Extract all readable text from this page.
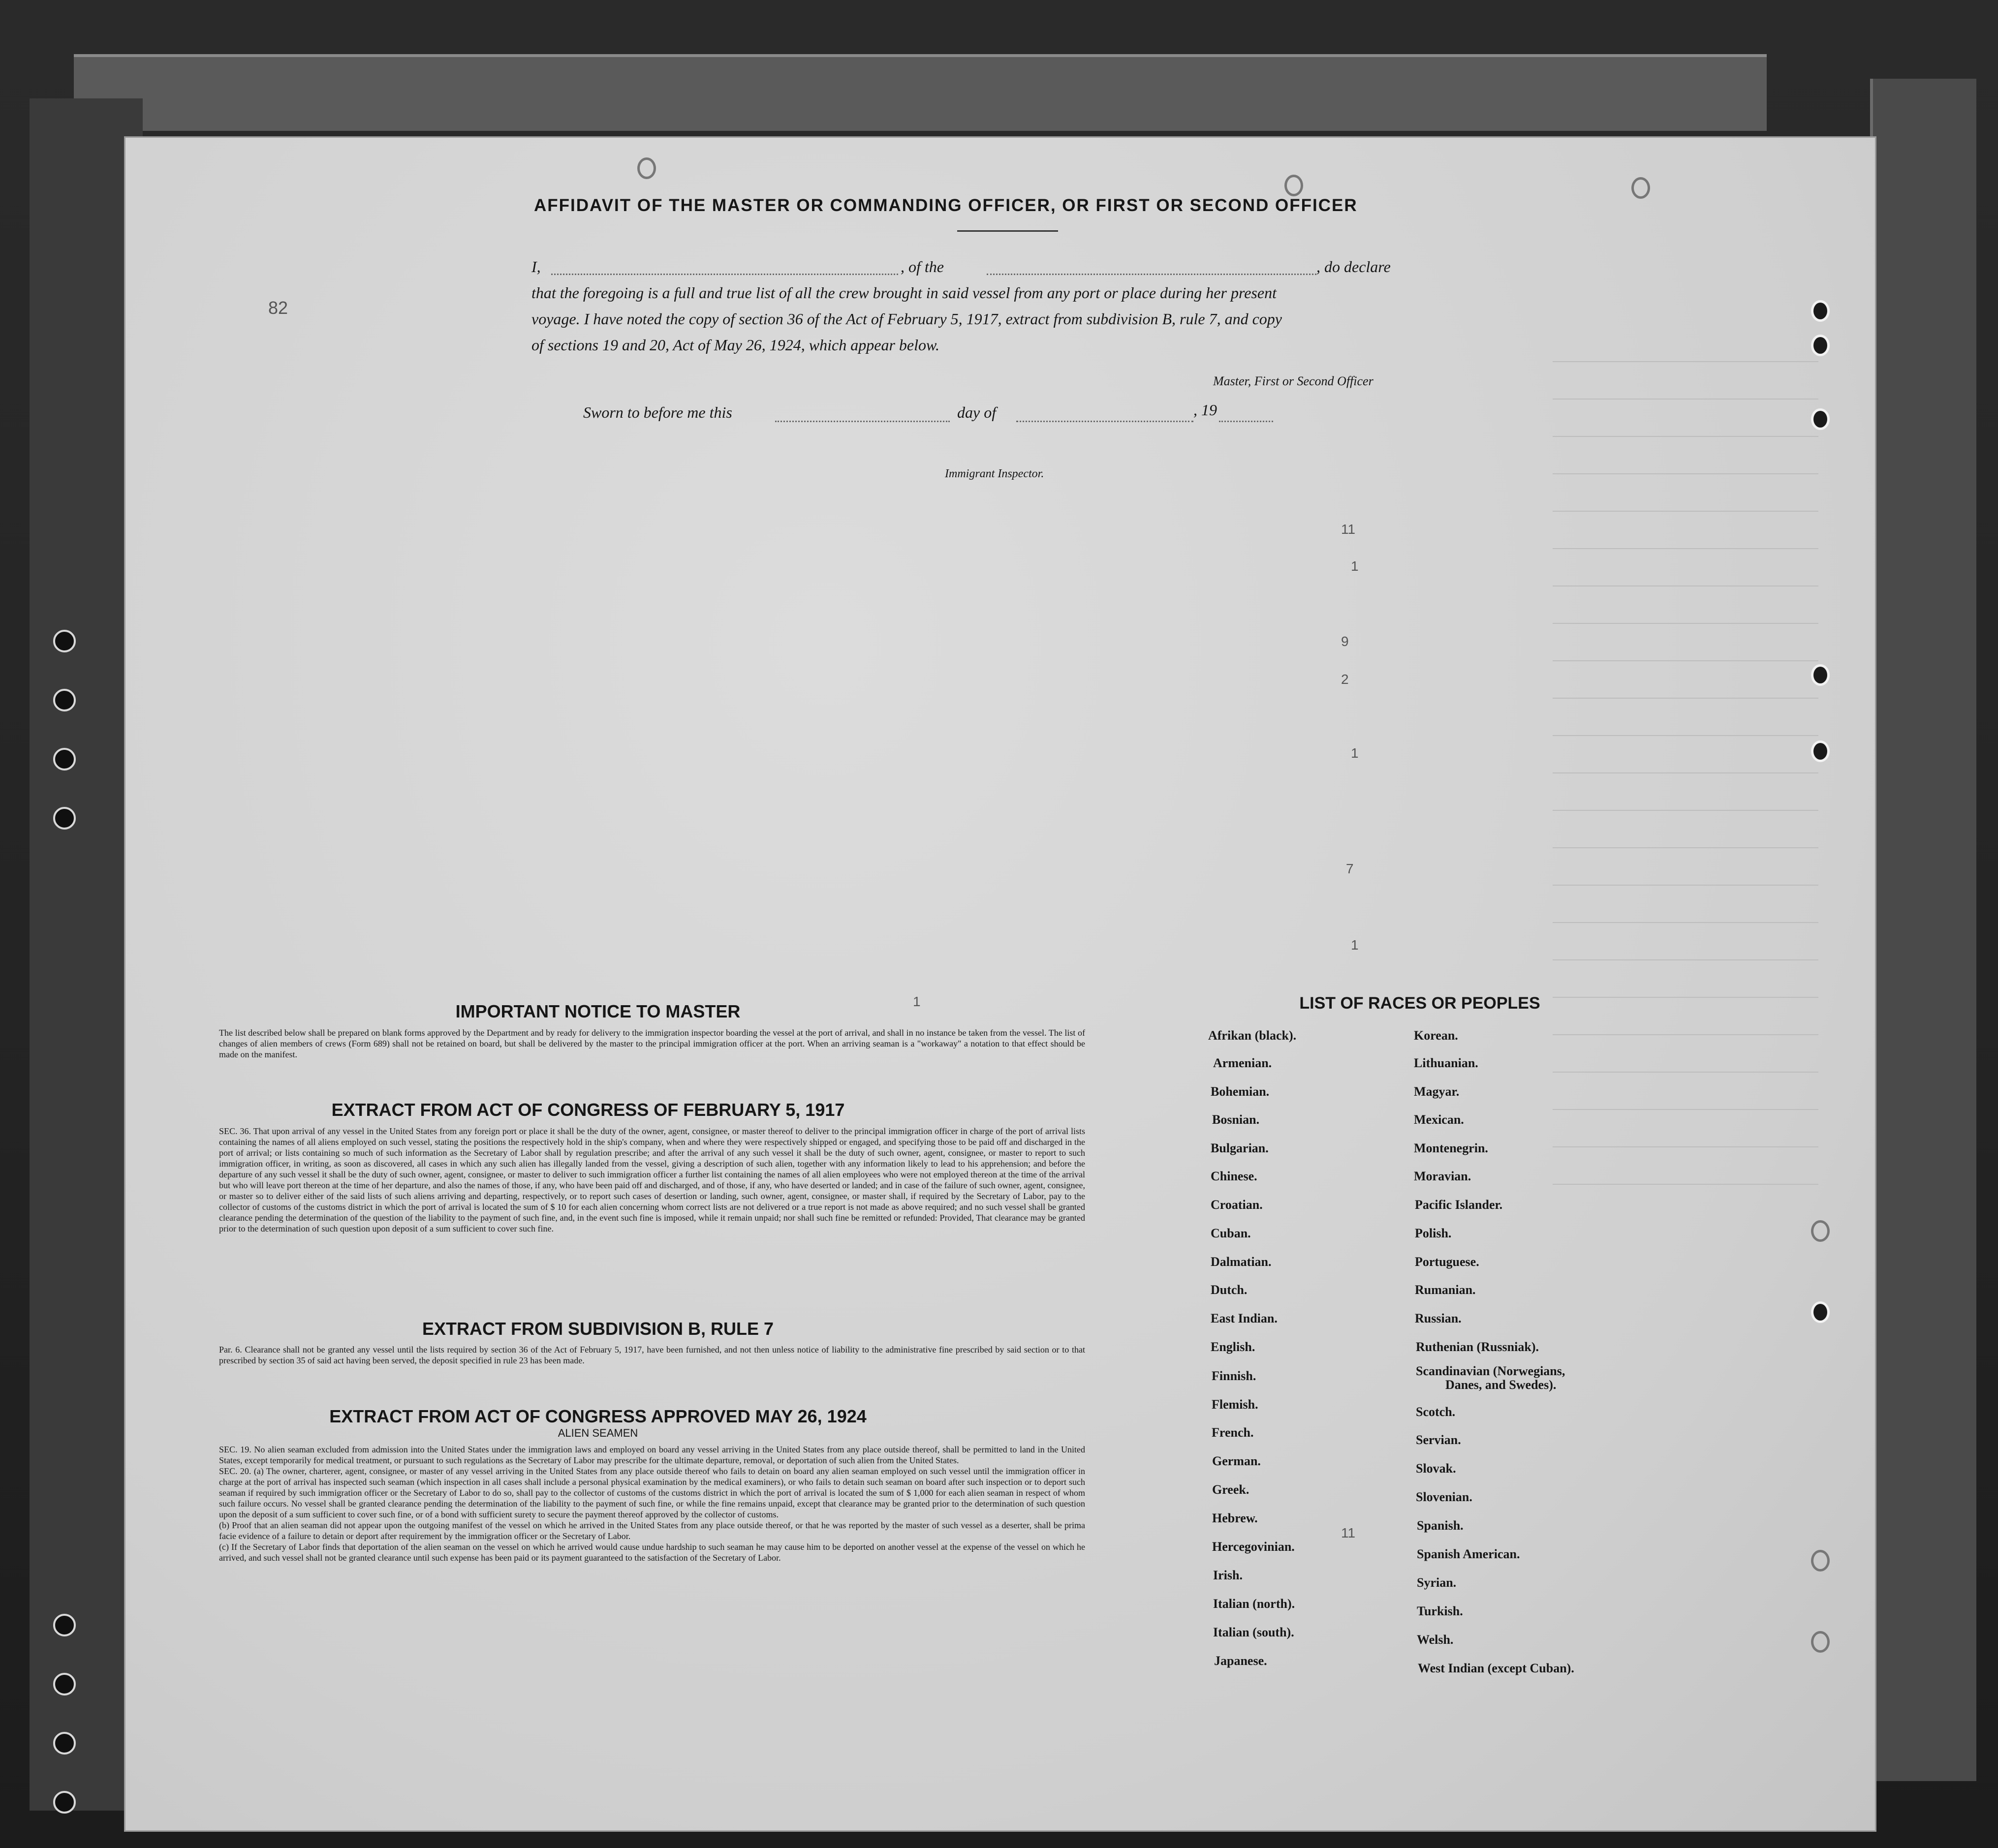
AFFIDAVIT OF THE MASTER OR COMMANDING OFFICER, OR FIRST OR SECOND OFFICER
I,	, of the	, do declare
that the foregoing is a full and true list of all the crew brought in said vessel from any port or place during her present
voyage. I have noted the copy of section 36 of the Act of February 5, 1917, extract from subdivision B, rule 7, and copy
of sections 19 and 20, Act of May 26, 1924, which appear below.
Master, First or Second Officer
Sworn to before me this	day of	, 19
Immigrant Inspector.
11
1
9
2
1
7
1
1
11
82
IMPORTANT NOTICE TO MASTER
The list described below shall be prepared on blank forms approved by the Department and by ready for delivery to the immigration inspector boarding the vessel at the port of arrival, and shall in no instance be taken from the vessel. The list of changes of alien members of crews (Form 689) shall not be retained on board, but shall be delivered by the master to the principal immigration officer at the port. When an arriving seaman is a "workaway" a notation to that effect should be made on the manifest.
EXTRACT FROM ACT OF CONGRESS OF FEBRUARY 5, 1917
SEC. 36. That upon arrival of any vessel in the United States from any foreign port or place it shall be the duty of the owner, agent, consignee, or master thereof to deliver to the principal immigration officer in charge of the port of arrival lists containing the names of all aliens employed on such vessel, stating the positions the respectively hold in the ship's company, when and where they were respectively shipped or engaged, and specifying those to be paid off and discharged in the port of arrival; or lists containing so much of such information as the Secretary of Labor shall by regulation prescribe; and after the arrival of any such vessel it shall be the duty of such owner, agent, consignee, or master to report to such immigration officer, in writing, as soon as discovered, all cases in which any such alien has illegally landed from the vessel, giving a description of such alien, together with any information likely to lead to his apprehension; and before the departure of any such vessel it shall be the duty of such owner, agent, consignee, or master to deliver to such immigration officer a further list containing the names of all alien employees who were not employed thereon at the time of the arrival but who will leave port thereon at the time of her departure, and also the names of those, if any, who have been paid off and discharged, and of those, if any, who have deserted or landed; and in case of the failure of such owner, agent, consignee, or master so to deliver either of the said lists of such aliens arriving and departing, respectively, or to report such cases of desertion or landing, such owner, agent, consignee, or master shall, if required by the Secretary of Labor, pay to the collector of customs of the customs district in which the port of arrival is located the sum of $ 10 for each alien concerning whom correct lists are not delivered or a true report is not made as above required; and no such vessel shall be granted clearance pending the determination of the question of the liability to the payment of such fine, and, in the event such fine is imposed, while it remain unpaid; nor shall such fine be remitted or refunded: Provided, That clearance may be granted prior to the determination of such question upon deposit of a sum sufficient to cover such fine.
EXTRACT FROM SUBDIVISION B, RULE 7
Par. 6. Clearance shall not be granted any vessel until the lists required by section 36 of the Act of February 5, 1917, have been furnished, and not then unless notice of liability to the administrative fine prescribed by said section or to that prescribed by section 35 of said act having been served, the deposit specified in rule 23 has been made.
EXTRACT FROM ACT OF CONGRESS APPROVED MAY 26, 1924
ALIEN SEAMEN
SEC. 19. No alien seaman excluded from admission into the United States under the immigration laws and employed on board any vessel arriving in the United States from any place outside thereof, shall be permitted to land in the United States, except temporarily for medical treatment, or pursuant to such regulations as the Secretary of Labor may prescribe for the ultimate departure, removal, or deportation of such alien from the United States.
SEC. 20. (a) The owner, charterer, agent, consignee, or master of any vessel arriving in the United States from any place outside thereof who fails to detain on board any alien seaman employed on such vessel until the immigration officer in charge at the port of arrival has inspected such seaman (which inspection in all cases shall include a personal physical examination by the medical examiners), or who fails to detain such seaman on board after such inspection or to deport such seaman if required by such immigration officer or the Secretary of Labor to do so, shall pay to the collector of customs of the customs district in which the port of arrival is located the sum of $ 1,000 for each alien seaman in respect of whom such failure occurs. No vessel shall be granted clearance pending the determination of the liability to the payment of such fine, or while the fine remains unpaid, except that clearance may be granted prior to the determination of such question upon the deposit of a sum sufficient to cover such fine, or of a bond with sufficient surety to secure the payment thereof approved by the collector of customs.
(b) Proof that an alien seaman did not appear upon the outgoing manifest of the vessel on which he arrived in the United States from any place outside thereof, or that he was reported by the master of such vessel as a deserter, shall be prima facie evidence of a failure to detain or deport after requirement by the immigration officer or the Secretary of Labor.
(c) If the Secretary of Labor finds that deportation of the alien seaman on the vessel on which he arrived would cause undue hardship to such seaman he may cause him to be deported on another vessel at the expense of the vessel on which he arrived, and such vessel shall not be granted clearance until such expense has been paid or its payment guaranteed to the satisfaction of the Secretary of Labor.
LIST OF RACES OR PEOPLES
Afrikan (black).
Armenian.
Bohemian.
Bosnian.
Bulgarian.
Chinese.
Croatian.
Cuban.
Dalmatian.
Dutch.
East Indian.
English.
Finnish.
Flemish.
French.
German.
Greek.
Hebrew.
Hercegovinian.
Irish.
Italian (north).
Italian (south).
Japanese.
Korean.
Lithuanian.
Magyar.
Mexican.
Montenegrin.
Moravian.
Pacific Islander.
Polish.
Portuguese.
Rumanian.
Russian.
Ruthenian (Russniak).
Scandinavian (Norwegians,
Danes, and Swedes).
Scotch.
Servian.
Slovak.
Slovenian.
Spanish.
Spanish American.
Syrian.
Turkish.
Welsh.
West Indian (except Cuban).
